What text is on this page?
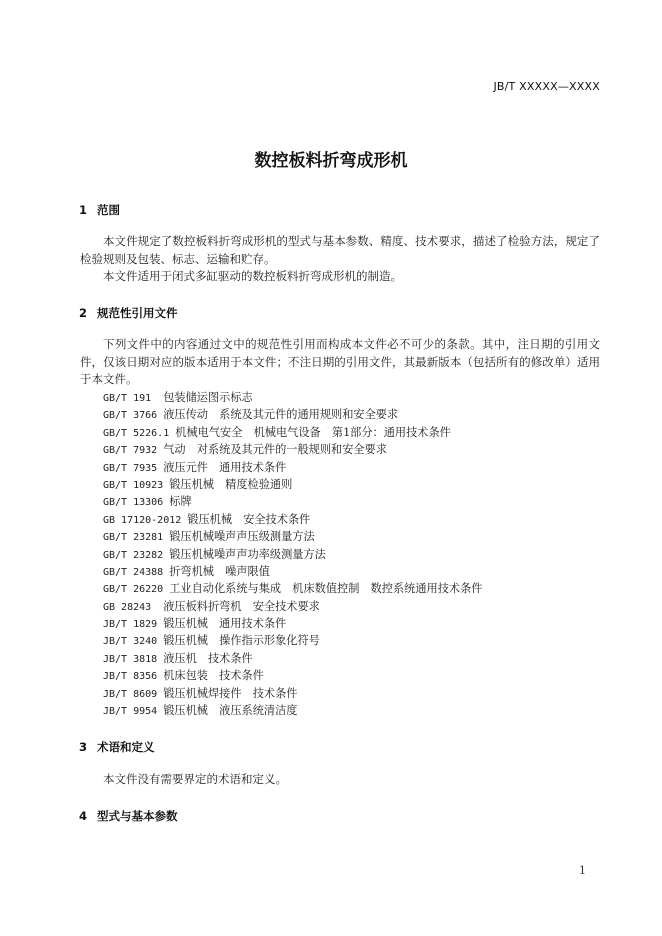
JB/T XXXXX—XXXX
数控板料折弯成形机
1 范围
本文件规定了数控板料折弯成形机的型式与基本参数、精度、技术要求，描述了检验方法，规定了检验规则及包装、标志、运输和贮存。
本文件适用于闭式多缸驱动的数控板料折弯成形机的制造。
2 规范性引用文件
下列文件中的内容通过文中的规范性引用而构成本文件必不可少的条款。其中，注日期的引用文件，仅该日期对应的版本适用于本文件；不注日期的引用文件，其最新版本（包括所有的修改单）适用于本文件。
GB/T 191  包装储运图示标志
GB/T 3766 液压传动　系统及其元件的通用规则和安全要求
GB/T 5226.1 机械电气安全　机械电气设备　第1部分：通用技术条件
GB/T 7932 气动　对系统及其元件的一般规则和安全要求
GB/T 7935 液压元件　通用技术条件
GB/T 10923 锻压机械　精度检验通则
GB/T 13306 标牌
GB 17120-2012 锻压机械　安全技术条件
GB/T 23281 锻压机械噪声声压级测量方法
GB/T 23282 锻压机械噪声声功率级测量方法
GB/T 24388 折弯机械　噪声限值
GB/T 26220 工业自动化系统与集成　机床数值控制　数控系统通用技术条件
GB 28243  液压板料折弯机　安全技术要求
JB/T 1829 锻压机械　通用技术条件
JB/T 3240 锻压机械　操作指示形象化符号
JB/T 3818 液压机　技术条件
JB/T 8356 机床包装　技术条件
JB/T 8609 锻压机械焊接件　技术条件
JB/T 9954 锻压机械　液压系统清洁度
3 术语和定义
本文件没有需要界定的术语和定义。
4 型式与基本参数
1
